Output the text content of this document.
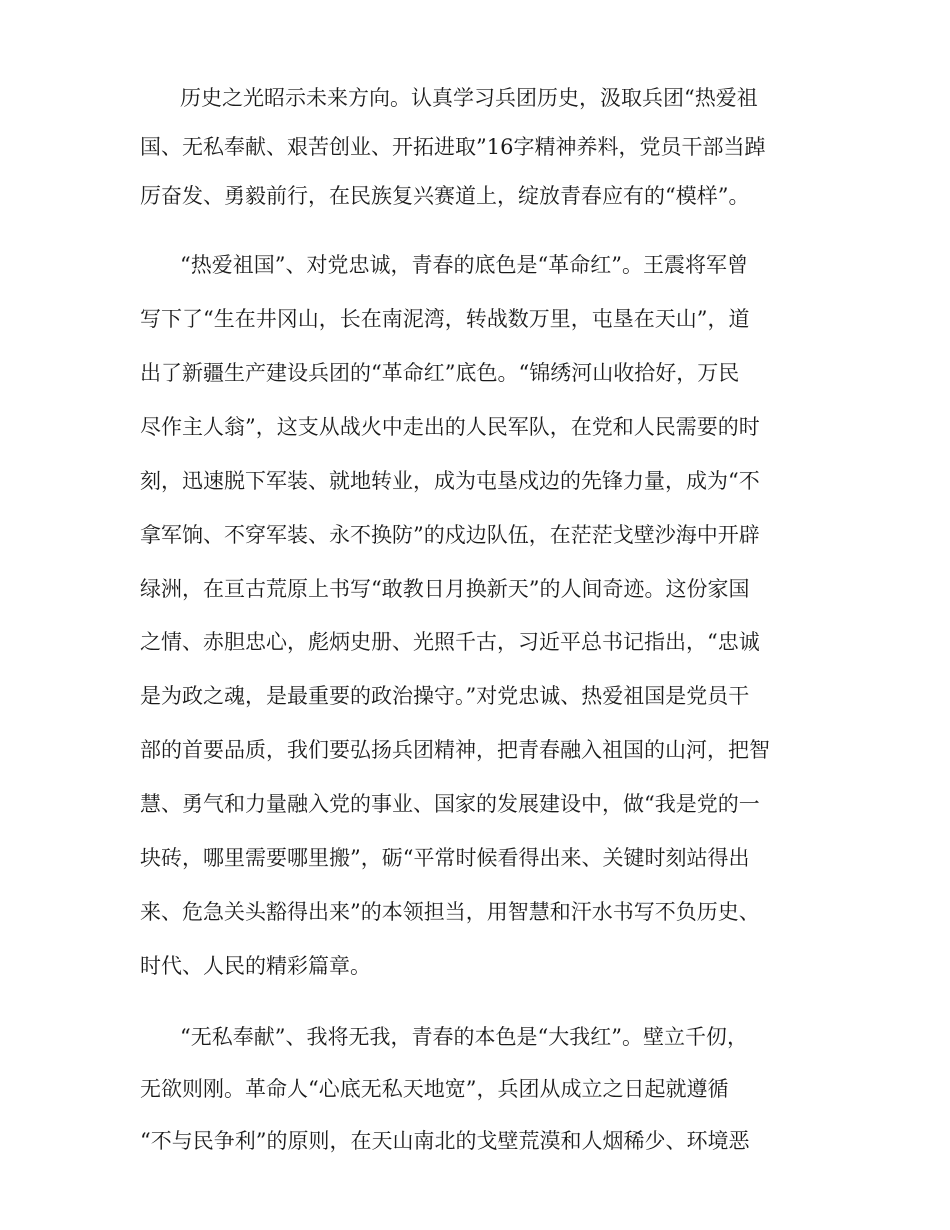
历史之光昭示未来方向。认真学习兵团历史，汲取兵团“热爱祖

国、无私奉献、艰苦创业、开拓进取”16字精神养料，党员干部当踔

厉奋发、勇毅前行，在民族复兴赛道上，绽放青春应有的“模样”。

“热爱祖国”、对党忠诚，青春的底色是“革命红”。王震将军曾

写下了“生在井冈山，长在南泥湾，转战数万里，屯垦在天山”，道

出了新疆生产建设兵团的“革命红”底色。“锦绣河山收拾好，万民

尽作主人翁”，这支从战火中走出的人民军队，在党和人民需要的时

刻，迅速脱下军装、就地转业，成为屯垦戍边的先锋力量，成为“不

拿军饷、不穿军装、永不换防”的戍边队伍，在茫茫戈壁沙海中开辟

绿洲，在亘古荒原上书写“敢教日月换新天”的人间奇迹。这份家国

之情、赤胆忠心，彪炳史册、光照千古，习近平总书记指出，“忠诚

是为政之魂，是最重要的政治操守。”对党忠诚、热爱祖国是党员干

部的首要品质，我们要弘扬兵团精神，把青春融入祖国的山河，把智

慧、勇气和力量融入党的事业、国家的发展建设中，做“我是党的一

块砖，哪里需要哪里搬”，砺“平常时候看得出来、关键时刻站得出

来、危急关头豁得出来”的本领担当，用智慧和汗水书写不负历史、

时代、人民的精彩篇章。

“无私奉献”、我将无我，青春的本色是“大我红”。壁立千仞，

无欲则刚。革命人“心底无私天地宽”，兵团从成立之日起就遵循

“不与民争利”的原则，在天山南北的戈壁荒漠和人烟稀少、环境恶
